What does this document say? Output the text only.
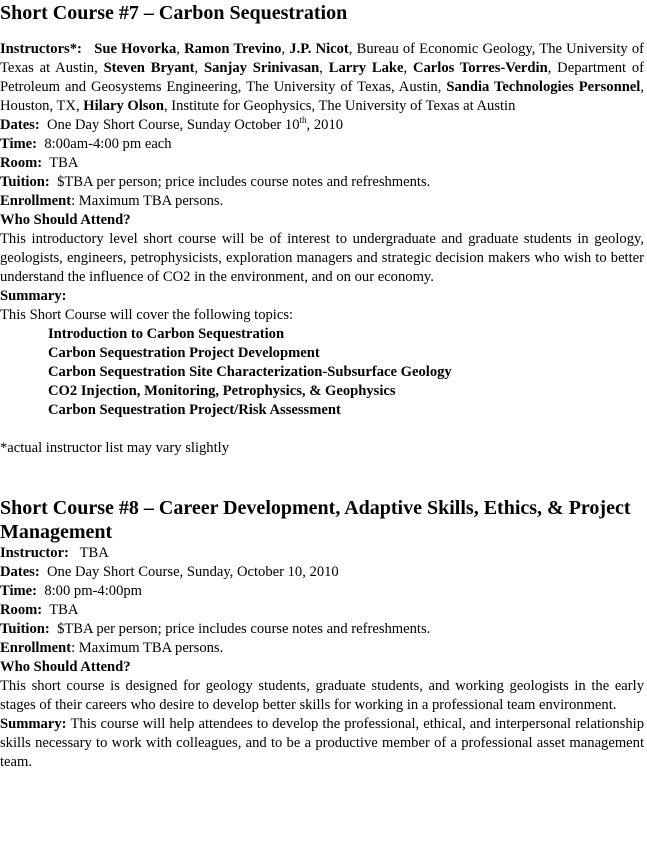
Short Course #7 – Carbon Sequestration

Instructors*: Sue Hovorka, Ramon Trevino, J.P. Nicot, Bureau of Economic Geology, The University of Texas at Austin, Steven Bryant, Sanjay Srinivasan, Larry Lake, Carlos Torres-Verdin, Department of Petroleum and Geosystems Engineering, The University of Texas, Austin, Sandia Technologies Personnel, Houston, TX, Hilary Olson, Institute for Geophysics, The University of Texas at Austin

Dates: One Day Short Course, Sunday October 10th, 2010

Time: 8:00am-4:00 pm each

Room: TBA

Tuition: $TBA per person; price includes course notes and refreshments.

Enrollment: Maximum TBA persons.

Who Should Attend?

This introductory level short course will be of interest to undergraduate and graduate students in geology, geologists, engineers, petrophysicists, exploration managers and strategic decision makers who wish to better understand the influence of CO2 in the environment, and on our economy.

Summary:

This Short Course will cover the following topics:

Introduction to Carbon Sequestration
Carbon Sequestration Project Development
Carbon Sequestration Site Characterization-Subsurface Geology
CO2 Injection, Monitoring, Petrophysics, & Geophysics
Carbon Sequestration Project/Risk Assessment

*actual instructor list may vary slightly

Short Course #8 – Career Development, Adaptive Skills, Ethics, & Project Management

Instructor: TBA

Dates: One Day Short Course, Sunday, October 10, 2010

Time: 8:00 pm-4:00pm

Room: TBA

Tuition: $TBA per person; price includes course notes and refreshments.

Enrollment: Maximum TBA persons.

Who Should Attend?

This short course is designed for geology students, graduate students, and working geologists in the early stages of their careers who desire to develop better skills for working in a professional team environment.

Summary: This course will help attendees to develop the professional, ethical, and interpersonal relationship skills necessary to work with colleagues, and to be a productive member of a professional asset management team.
